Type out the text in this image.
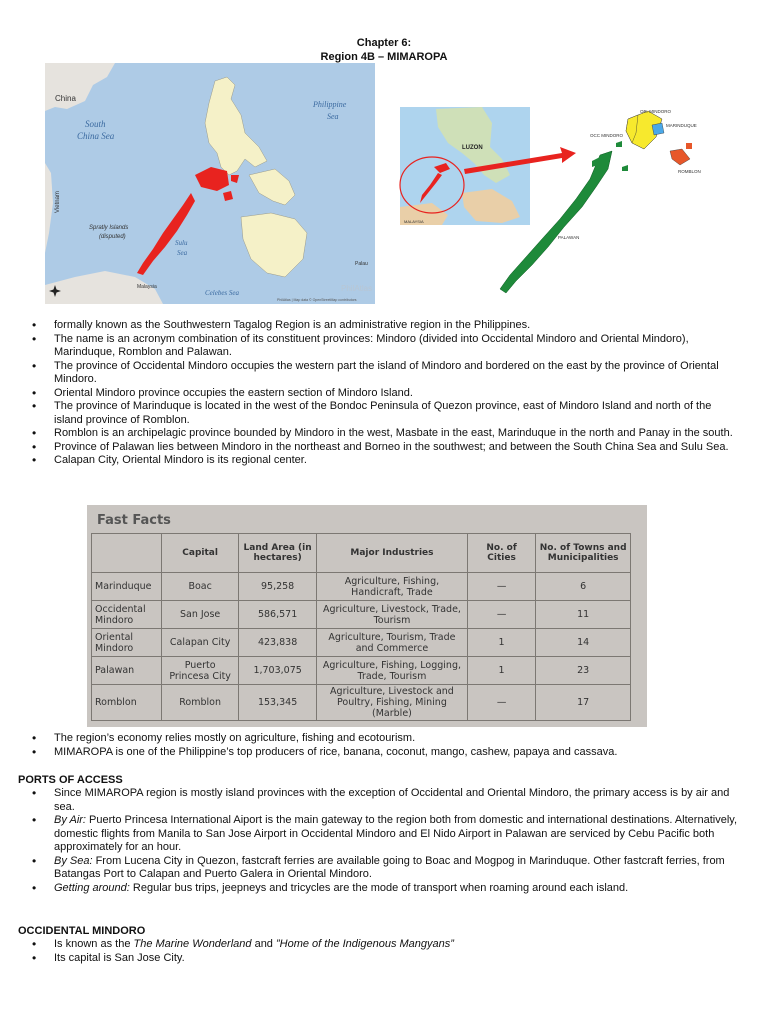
Chapter 6:
Region 4B – MIMAROPA
China
South
China Sea
Philippine
Sea
Vietnam
Spratly Islands
(disputed)
Sulu
Sea
Celebes Sea
Palau
Malaysia	PhilAtlas
PhilAtlas | Map data © OpenStreetMap contributors
LUZON
MALAYSIA
OR. MINDORO
MARINDUQUE
OCC MINDORO
ROMBLON
PALAWAN
• formally known as the Southwestern Tagalog Region is an administrative region in the Philippines.
• The name is an acronym combination of its constituent provinces: Mindoro (divided into Occidental Mindoro and Oriental Mindoro), Marinduque, Romblon and Palawan.
• The province of Occidental Mindoro occupies the western part the island of Mindoro and bordered on the east by the province of Oriental Mindoro.
• Oriental Mindoro province occupies the eastern section of Mindoro Island.
• The province of Marinduque is located in the west of the Bondoc Peninsula of Quezon province, east of Mindoro Island and north of the island province of Romblon.
• Romblon is an archipelagic province bounded by Mindoro in the west, Masbate in the east, Marinduque in the north and Panay in the south.
• Province of Palawan lies between Mindoro in the northeast and Borneo in the southwest; and between the South China Sea and Sulu Sea.
• Calapan City, Oriental Mindoro is its regional center.
Fast Facts
	Capital	Land Area (in hectares)	Major Industries	No. of Cities	No. of Towns and Municipalities
Marinduque	Boac	95,258	Agriculture, Fishing, Handicraft, Trade	—	6
Occidental Mindoro	San Jose	586,571	Agriculture, Livestock, Trade, Tourism	—	11
Oriental Mindoro	Calapan City	423,838	Agriculture, Tourism, Trade and Commerce	1	14
Palawan	Puerto Princesa City	1,703,075	Agriculture, Fishing, Logging, Trade, Tourism	1	23
Romblon	Romblon	153,345	Agriculture, Livestock and Poultry, Fishing, Mining (Marble)	—	17
• The region’s economy relies mostly on agriculture, fishing and ecotourism.
• MIMAROPA is one of the Philippine’s top producers of rice, banana, coconut, mango, cashew, papaya and cassava.
PORTS OF ACCESS
• Since MIMAROPA region is mostly island provinces with the exception of Occidental and Oriental Mindoro, the primary access is by air and sea.
• By Air: Puerto Princesa International Aiport is the main gateway to the region both from domestic and international destinations. Alternatively, domestic flights from Manila to San Jose Airport in Occidental Mindoro and El Nido Airport in Palawan are serviced by Cebu Pacific both approximately for an hour.
• By Sea: From Lucena City in Quezon, fastcraft ferries are available going to Boac and Mogpog in Marinduque. Other fastcraft ferries, from Batangas Port to Calapan and Puerto Galera in Oriental Mindoro.
• Getting around: Regular bus trips, jeepneys and tricycles are the mode of transport when roaming around each island.
OCCIDENTAL MINDORO
• Is known as the The Marine Wonderland and ”Home of the Indigenous Mangyans”
• Its capital is San Jose City.
